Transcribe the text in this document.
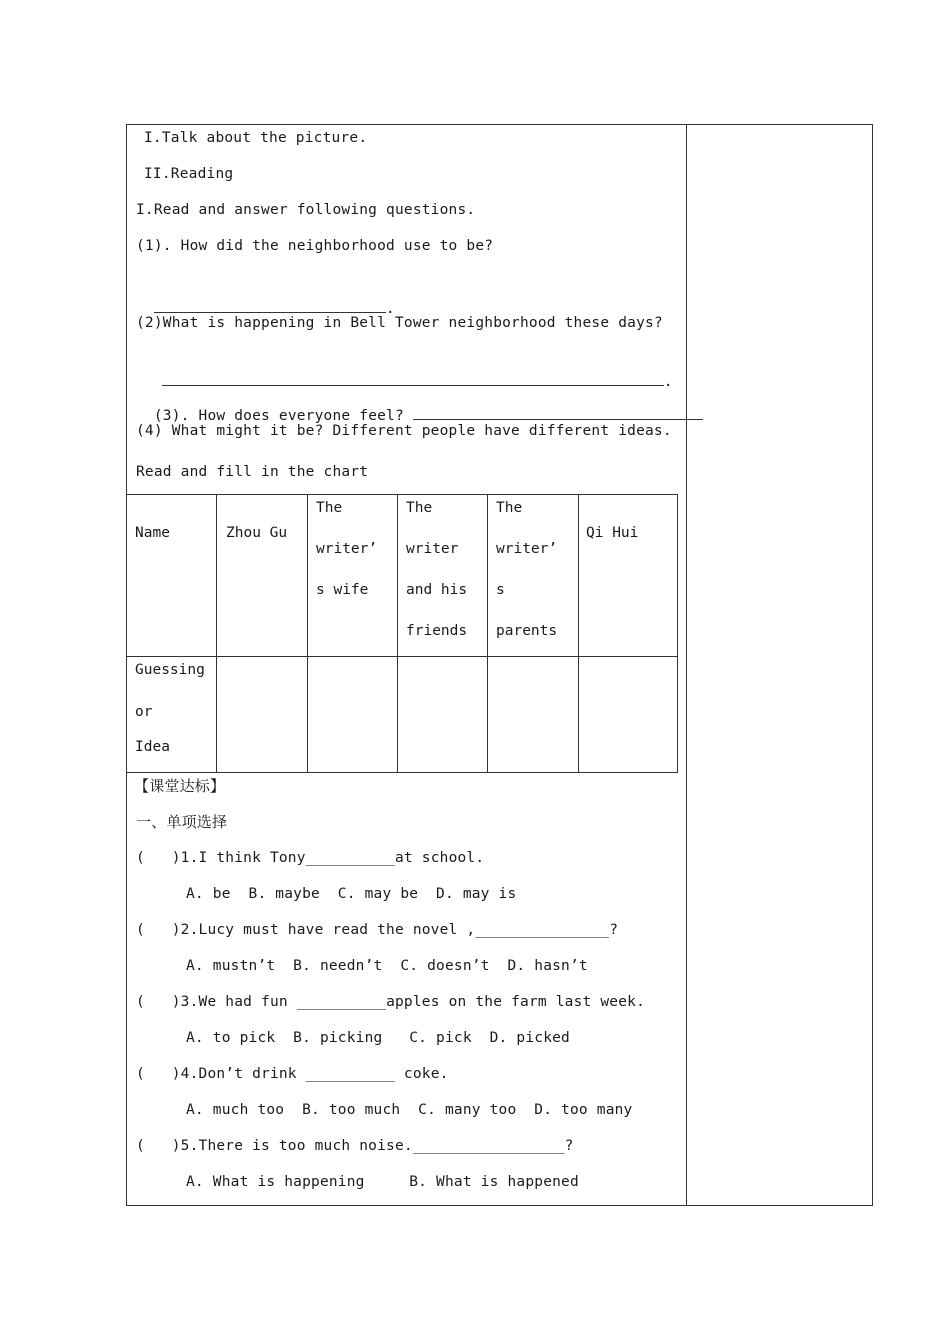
I.Talk about the picture.
II.Reading
I.Read and answer following questions.
(1). How did the neighborhood use to be?

.

(2)What is happening in Bell Tower neighborhood these days?

.

(3). How does everyone feel?

(4) What might it be? Different people have different ideas.
Read and fill in the chart
Name	Zhou Gu
The
writer’
s wife
The
writer
and his
friends
The
writer’
s
parents
Qi Hui
Guessing
or
Idea
【课堂达标】
一、单项选择
(   )1.I think Tony__________at school.
A. be  B. maybe  C. may be  D. may is
(   )2.Lucy must have read the novel ,_______________?
A. mustn’t  B. needn’t  C. doesn’t  D. hasn’t
(   )3.We had fun __________apples on the farm last week.
A. to pick  B. picking   C. pick  D. picked
(   )4.Don’t drink __________ coke.
A. much too  B. too much  C. many too  D. too many
(   )5.There is too much noise._________________?
A. What is happening     B. What is happened
